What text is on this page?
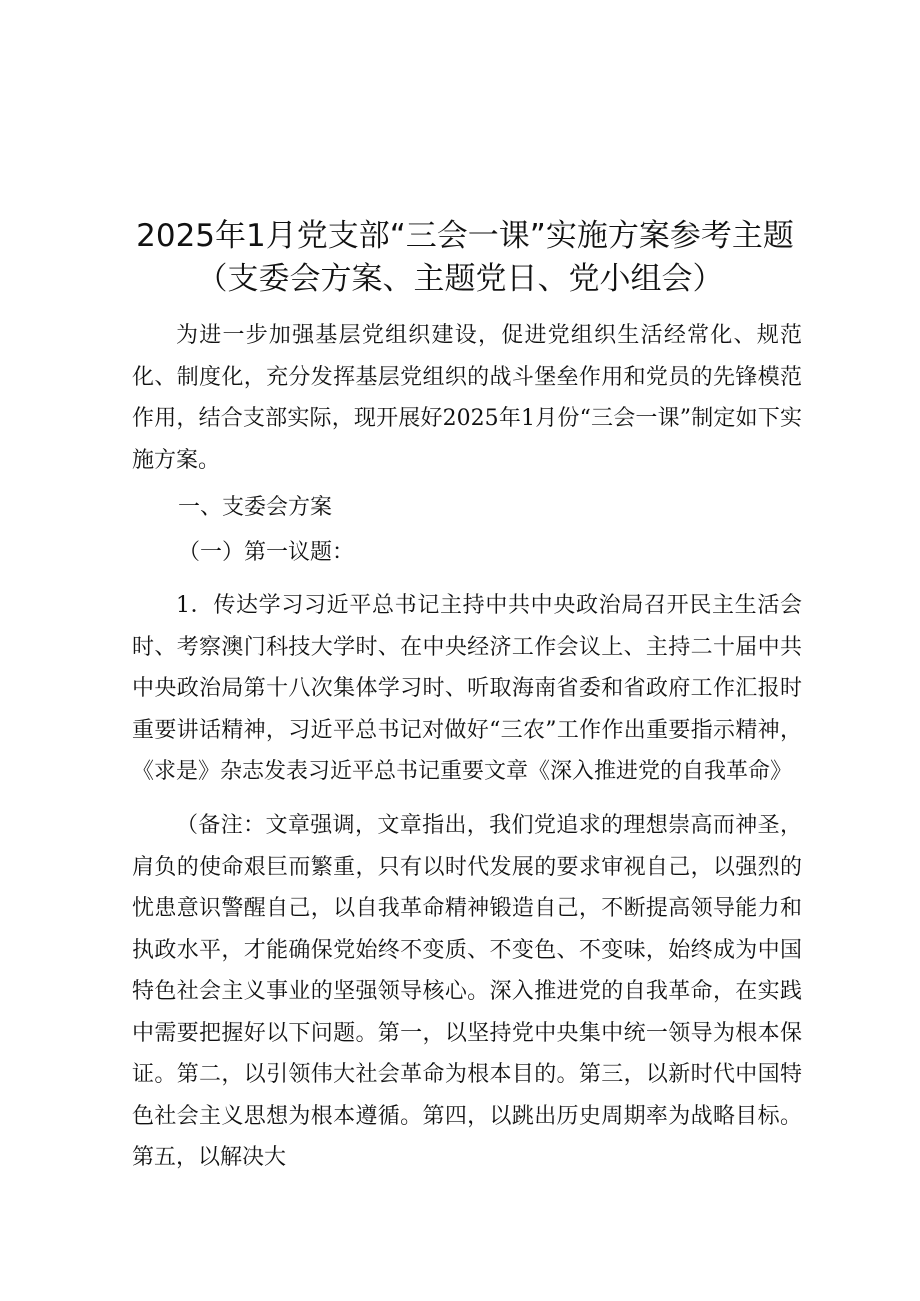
2025年1月党支部“三会一课”实施方案参考主题
（支委会方案、主题党日、党小组会）

为进一步加强基层党组织建设，促进党组织生活经常化、规范化、制度化，充分发挥基层党组织的战斗堡垒作用和党员的先锋模范作用，结合支部实际，现开展好2025年1月份“三会一课”制定如下实施方案。

一、支委会方案
（一）第一议题：

1．传达学习习近平总书记主持中共中央政治局召开民主生活会时、考察澳门科技大学时、在中央经济工作会议上、主持二十届中共中央政治局第十八次集体学习时、听取海南省委和省政府工作汇报时重要讲话精神，习近平总书记对做好“三农”工作作出重要指示精神，《求是》杂志发表习近平总书记重要文章《深入推进党的自我革命》

（备注：文章强调，文章指出，我们党追求的理想崇高而神圣，肩负的使命艰巨而繁重，只有以时代发展的要求审视自己，以强烈的忧患意识警醒自己，以自我革命精神锻造自己，不断提高领导能力和执政水平，才能确保党始终不变质、不变色、不变味，始终成为中国特色社会主义事业的坚强领导核心。深入推进党的自我革命，在实践中需要把握好以下问题。第一，以坚持党中央集中统一领导为根本保证。第二，以引领伟大社会革命为根本目的。第三，以新时代中国特色社会主义思想为根本遵循。第四，以跳出历史周期率为战略目标。第五，以解决大
